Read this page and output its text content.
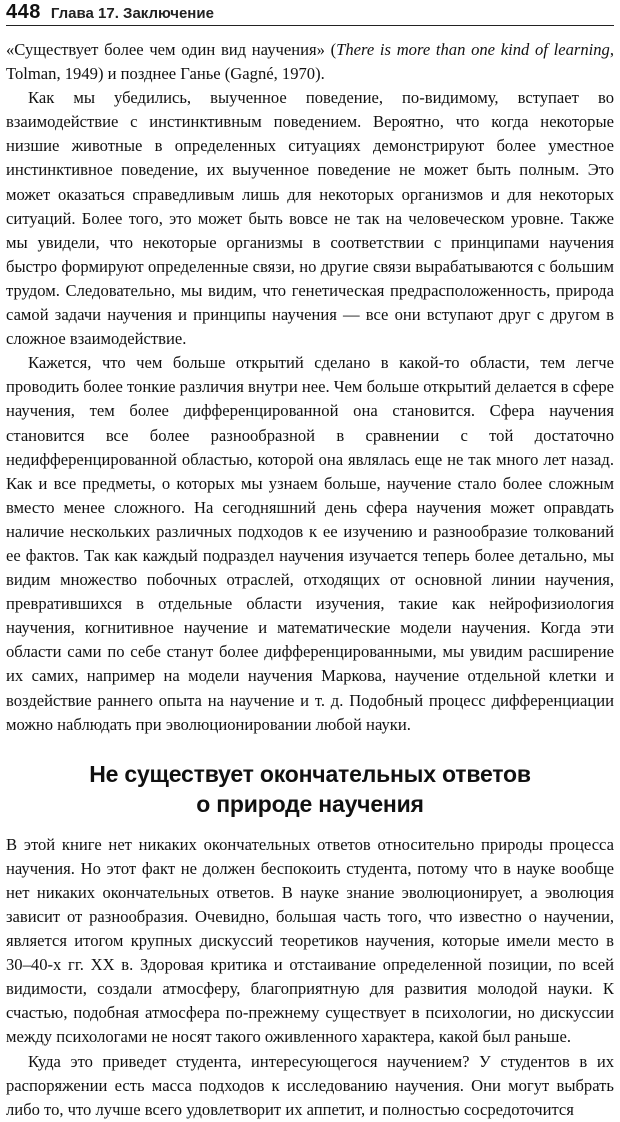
448 Глава 17. Заключение

«Существует более чем один вид научения» (There is more than one kind of learning, Tolman, 1949) и позднее Ганье (Gagné, 1970).

Как мы убедились, выученное поведение, по-видимому, вступает во взаимодействие с инстинктивным поведением. Вероятно, что когда некоторые низшие животные в определенных ситуациях демонстрируют более уместное инстинктивное поведение, их выученное поведение не может быть полным. Это может оказаться справедливым лишь для некоторых организмов и для некоторых ситуаций. Более того, это может быть вовсе не так на человеческом уровне. Также мы увидели, что некоторые организмы в соответствии с принципами научения быстро формируют определенные связи, но другие связи вырабатываются с большим трудом. Следовательно, мы видим, что генетическая предрасположенность, природа самой задачи научения и принципы научения — все они вступают друг с другом в сложное взаимодействие.

Кажется, что чем больше открытий сделано в какой-то области, тем легче проводить более тонкие различия внутри нее. Чем больше открытий делается в сфере научения, тем более дифференцированной она становится. Сфера научения становится все более разнообразной в сравнении с той достаточно недифференцированной областью, которой она являлась еще не так много лет назад. Как и все предметы, о которых мы узнаем больше, научение стало более сложным вместо менее сложного. На сегодняшний день сфера научения может оправдать наличие нескольких различных подходов к ее изучению и разнообразие толкований ее фактов. Так как каждый подраздел научения изучается теперь более детально, мы видим множество побочных отраслей, отходящих от основной линии научения, превратившихся в отдельные области изучения, такие как нейрофизиология научения, когнитивное научение и математические модели научения. Когда эти области сами по себе станут более дифференцированными, мы увидим расширение их самих, например на модели научения Маркова, научение отдельной клетки и воздействие раннего опыта на научение и т. д. Подобный процесс дифференциации можно наблюдать при эволюционировании любой науки.

Не существует окончательных ответов
о природе научения

В этой книге нет никаких окончательных ответов относительно природы процесса научения. Но этот факт не должен беспокоить студента, потому что в науке вообще нет никаких окончательных ответов. В науке знание эволюционирует, а эволюция зависит от разнообразия. Очевидно, большая часть того, что известно о научении, является итогом крупных дискуссий теоретиков научения, которые имели место в 30–40-х гг. XX в. Здоровая критика и отстаивание определенной позиции, по всей видимости, создали атмосферу, благоприятную для развития молодой науки. К счастью, подобная атмосфера по-прежнему существует в психологии, но дискуссии между психологами не носят такого оживленного характера, какой был раньше.

Куда это приведет студента, интересующегося научением? У студентов в их распоряжении есть масса подходов к исследованию научения. Они могут выбрать либо то, что лучше всего удовлетворит их аппетит, и полностью сосредоточится
